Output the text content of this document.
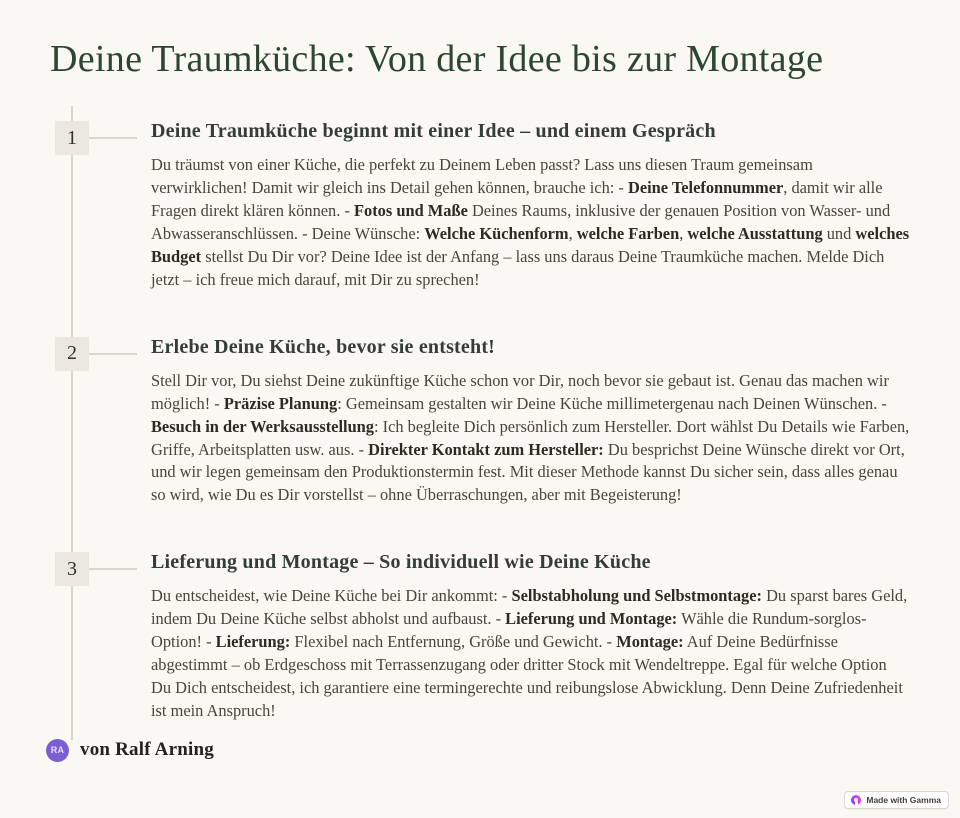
Deine Traumküche: Von der Idee bis zur Montage
1	Deine Traumküche beginnt mit einer Idee – und einem Gespräch

Du träumst von einer Küche, die perfekt zu Deinem Leben passt? Lass uns diesen Traum gemeinsam verwirklichen! Damit wir gleich ins Detail gehen können, brauche ich: - Deine Telefonnummer, damit wir alle Fragen direkt klären können. - Fotos und Maße Deines Raums, inklusive der genauen Position von Wasser- und Abwasseranschlüssen. - Deine Wünsche: Welche Küchenform, welche Farben, welche Ausstattung und welches Budget stellst Du Dir vor? Deine Idee ist der Anfang – lass uns daraus Deine Traumküche machen. Melde Dich jetzt – ich freue mich darauf, mit Dir zu sprechen!

2	Erlebe Deine Küche, bevor sie entsteht!

Stell Dir vor, Du siehst Deine zukünftige Küche schon vor Dir, noch bevor sie gebaut ist. Genau das machen wir möglich! - Präzise Planung: Gemeinsam gestalten wir Deine Küche millimetergenau nach Deinen Wünschen. - Besuch in der Werksausstellung: Ich begleite Dich persönlich zum Hersteller. Dort wählst Du Details wie Farben, Griffe, Arbeitsplatten usw. aus. - Direkter Kontakt zum Hersteller: Du besprichst Deine Wünsche direkt vor Ort, und wir legen gemeinsam den Produktionstermin fest. Mit dieser Methode kannst Du sicher sein, dass alles genau so wird, wie Du es Dir vorstellst – ohne Überraschungen, aber mit Begeisterung!

3	Lieferung und Montage – So individuell wie Deine Küche

Du entscheidest, wie Deine Küche bei Dir ankommt: - Selbstabholung und Selbstmontage: Du sparst bares Geld, indem Du Deine Küche selbst abholst und aufbaust. - Lieferung und Montage: Wähle die Rundum-sorglos-Option! - Lieferung: Flexibel nach Entfernung, Größe und Gewicht. - Montage: Auf Deine Bedürfnisse abgestimmt – ob Erdgeschoss mit Terrassenzugang oder dritter Stock mit Wendeltreppe. Egal für welche Option Du Dich entscheidest, ich garantiere eine termingerechte und reibungslose Abwicklung. Denn Deine Zufriedenheit ist mein Anspruch!

RA von Ralf Arning
Made with Gamma
